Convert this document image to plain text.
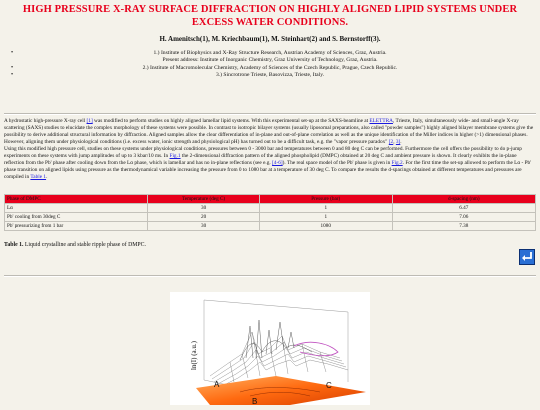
HIGH PRESSURE X-RAY SURFACE DIFFRACTION ON HIGHLY ALIGNED LIPID SYSTEMS UNDER EXCESS WATER CONDITIONS.
H. Amenitsch(1), M. Kriechbaum(1), M. Steinhart(2) and S. Bernstorff(3).
•	1.) Institute of Biophysics and X-Ray Structure Research, Austrian Academy of Sciences, Graz, Austria.
Present address: Institute of Inorganic Chemistry, Graz University of Technology, Graz, Austria.
•	2.) Institute of Macromolecular Chemistry, Academy of Sciences of the Czech Republic, Prague, Czech Republic.
•	3.) Sincrotrone Trieste, Basovizza, Trieste, Italy.
A hydrostatic high-pressure X-ray cell [1] was modified to perform studies on highly aligned lamellar lipid systems. With this experimental set-up at the SAXS-beamline at ELETTRA, Trieste, Italy, simultaneously wide- and small-angle X-ray scattering (SAXS) studies to elucidate the complex morphology of these systems were possible. In contrast to isotropic bilayer systems (usually liposomal preparations, also called "powder samples") highly aligned bilayer membrane systems give the possibility to derive additional structural information by diffraction. Aligned samples allow the clear differentiation of in-plane and out-of-plane correlation as well as the unique identification of the Miller indices in higher (>1) dimensional phases. However, aligning them under physiological conditions (i.e. excess water, ionic strength and physiological pH) has turned out to be a difficult task, e.g. the "vapor pressure paradox" [2, 3].
Using this modified high pressure cell, studies on these systems under physiological conditions, pressures between 0 - 3000 bar and temperatures between 0 and 80 deg C can be performed. Furthermore the cell offers the possibility to do p-jump experiments on these systems with jump amplitudes of up to 3 kbar/10 ms. In Fig.1 the 2-dimensional diffraction pattern of the aligned phospholipid (DMPC) obtained at 20 deg C and ambient pressure is shown. It clearly exhibits the in-plane reflection from the Pb' phase after cooling down from the Lα phase, which is lamellar and has no in-plane reflections (see e.g. [4-6]). The real space model of the Pb' phase is given in Fig.2. For the first time the set-up allowed to perform the Lα - Pb' phase transition on aligned lipids using pressure as the thermodynamical variable increasing the pressure from 0 to 1080 bar at a temperature of 30 deg C. To compare the results the d-spacings obtained at different temperatures and pressures are compiled in Table 1.
Phase of DMPC	Temperature (deg C)	Pressure (bar)	d-spacing (nm)
Lα	30	1	6.47
Pb' cooling from 30deg C	20	1	7.06
Pb' pressurizing from 1 bar	30	1080	7.38
Table 1. Liquid crystalline and stable ripple phase of DMPC.
ln(I) (a.u.)
A
B
C
